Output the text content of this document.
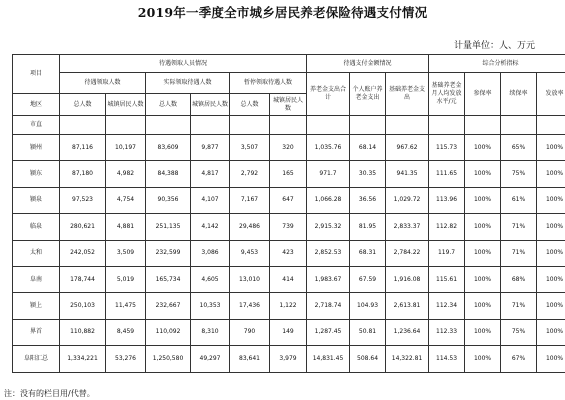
2019年一季度全市城乡居民养老保险待遇支付情况
计量单位：人、万元
项目	待遇领取人员情况						待遇支付金额情况			综合分析指标			
	待遇领取人数		实际领取待遇人数		暂停领取待遇人数		养老金支出合计	个人账户养老金支出	基础养老金支出	基础养老金月人均发放水平/元	参保率	续保率	发放率
地区	总人数	城镇居民人数	总人数	城镇居民人数	总人数	城镇居民人数							
市直													
颍州	87,116	10,197	83,609	9,877	3,507	320	1,035.76	68.14	967.62	115.73	100%	65%	100%
颍东	87,180	4,982	84,388	4,817	2,792	165	971.7	30.35	941.35	111.65	100%	75%	100%
颍泉	97,523	4,754	90,356	4,107	7,167	647	1,066.28	36.56	1,029.72	113.96	100%	61%	100%
临泉	280,621	4,881	251,135	4,142	29,486	739	2,915.32	81.95	2,833.37	112.82	100%	71%	100%
太和	242,052	3,509	232,599	3,086	9,453	423	2,852.53	68.31	2,784.22	119.7	100%	71%	100%
阜南	178,744	5,019	165,734	4,605	13,010	414	1,983.67	67.59	1,916.08	115.61	100%	68%	100%
颍上	250,103	11,475	232,667	10,353	17,436	1,122	2,718.74	104.93	2,613.81	112.34	100%	71%	100%
界首	110,882	8,459	110,092	8,310	790	149	1,287.45	50.81	1,236.64	112.33	100%	75%	100%
阜阳汇总	1,334,221	53,276	1,250,580	49,297	83,641	3,979	14,831.45	508.64	14,322.81	114.53	100%	67%	100%
注：没有的栏目用/代替。
